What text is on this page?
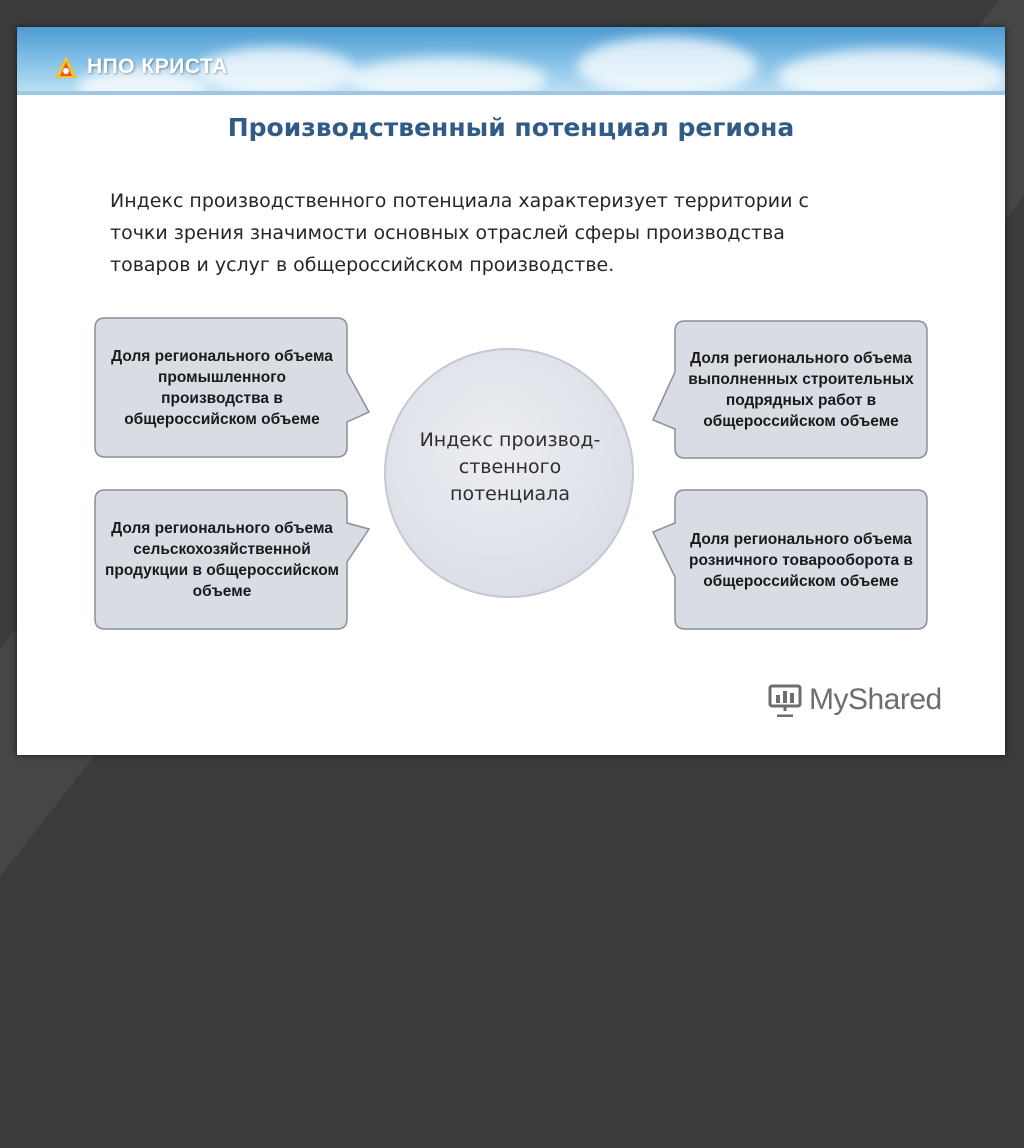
НПО КРИСТА
Производственный потенциал региона
Индекс производственного потенциала характеризует территории с
точки зрения значимости основных отраслей сферы производства
товаров и услуг в общероссийском производстве.
Доля регионального объема промышленного производства в общероссийском объеме
Доля регионального объема сельскохозяйственной продукции в общероссийском объеме
Доля регионального объема выполненных строительных подрядных работ в общероссийском объеме
Доля регионального объема розничного товарооборота в общероссийском объеме
Индекс производ-
ственного
потенциала
MyShared
